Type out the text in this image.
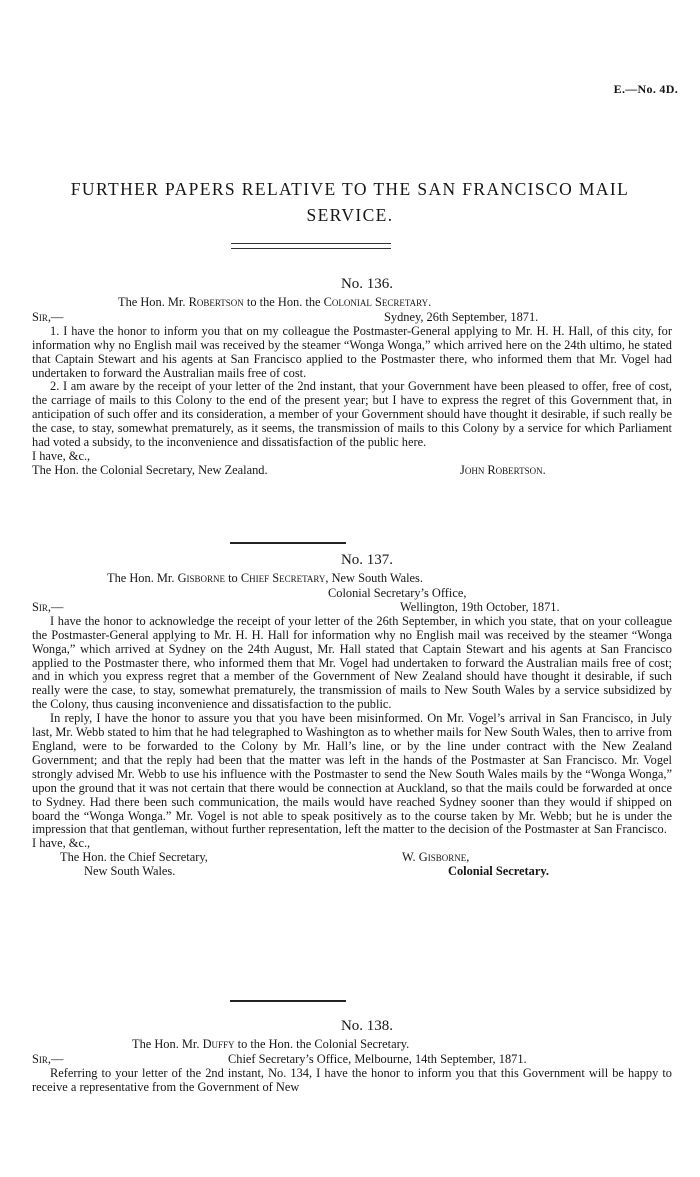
E.—No. 4D.
FURTHER PAPERS RELATIVE TO THE SAN FRANCISCO MAIL SERVICE.
No. 136.
The Hon. Mr. Robertson to the Hon. the Colonial Secretary.
Sir,—	Sydney, 26th September, 1871.
1. I have the honor to inform you that on my colleague the Postmaster-General applying to Mr. H. H. Hall, of this city, for information why no English mail was received by the steamer “Wonga Wonga,” which arrived here on the 24th ultimo, he stated that Captain Stewart and his agents at San Francisco applied to the Postmaster there, who informed them that Mr. Vogel had undertaken to forward the Australian mails free of cost.
2. I am aware by the receipt of your letter of the 2nd instant, that your Government have been pleased to offer, free of cost, the carriage of mails to this Colony to the end of the present year; but I have to express the regret of this Government that, in anticipation of such offer and its consideration, a member of your Government should have thought it desirable, if such really be the case, to stay, somewhat prematurely, as it seems, the transmission of mails to this Colony by a service for which Parliament had voted a subsidy, to the inconvenience and dissatisfaction of the public here.
I have, &c.,
The Hon. the Colonial Secretary, New Zealand.	John Robertson.
No. 137.
The Hon. Mr. Gisborne to Chief Secretary, New South Wales.
Colonial Secretary’s Office,
Sir,—	Wellington, 19th October, 1871.
I have the honor to acknowledge the receipt of your letter of the 26th September, in which you state, that on your colleague the Postmaster-General applying to Mr. H. H. Hall for information why no English mail was received by the steamer “Wonga Wonga,” which arrived at Sydney on the 24th August, Mr. Hall stated that Captain Stewart and his agents at San Francisco applied to the Postmaster there, who informed them that Mr. Vogel had undertaken to forward the Australian mails free of cost; and in which you express regret that a member of the Government of New Zealand should have thought it desirable, if such really were the case, to stay, somewhat prematurely, the transmission of mails to New South Wales by a service subsidized by the Colony, thus causing inconvenience and dissatisfaction to the public.
In reply, I have the honor to assure you that you have been misinformed. On Mr. Vogel’s arrival in San Francisco, in July last, Mr. Webb stated to him that he had telegraphed to Washington as to whether mails for New South Wales, then to arrive from England, were to be forwarded to the Colony by Mr. Hall’s line, or by the line under contract with the New Zealand Government; and that the reply had been that the matter was left in the hands of the Postmaster at San Francisco. Mr. Vogel strongly advised Mr. Webb to use his influence with the Postmaster to send the New South Wales mails by the “Wonga Wonga,” upon the ground that it was not certain that there would be connection at Auckland, so that the mails could be forwarded at once to Sydney. Had there been such communication, the mails would have reached Sydney sooner than they would if shipped on board the “Wonga Wonga.” Mr. Vogel is not able to speak positively as to the course taken by Mr. Webb; but he is under the impression that that gentleman, without further representation, left the matter to the decision of the Postmaster at San Francisco.
I have, &c.,
The Hon. the Chief Secretary,	W. Gisborne,
New South Wales.	Colonial Secretary.
No. 138.
The Hon. Mr. Duffy to the Hon. the Colonial Secretary.
Sir,—	Chief Secretary’s Office, Melbourne, 14th September, 1871.
Referring to your letter of the 2nd instant, No. 134, I have the honor to inform you that this Government will be happy to receive a representative from the Government of New
